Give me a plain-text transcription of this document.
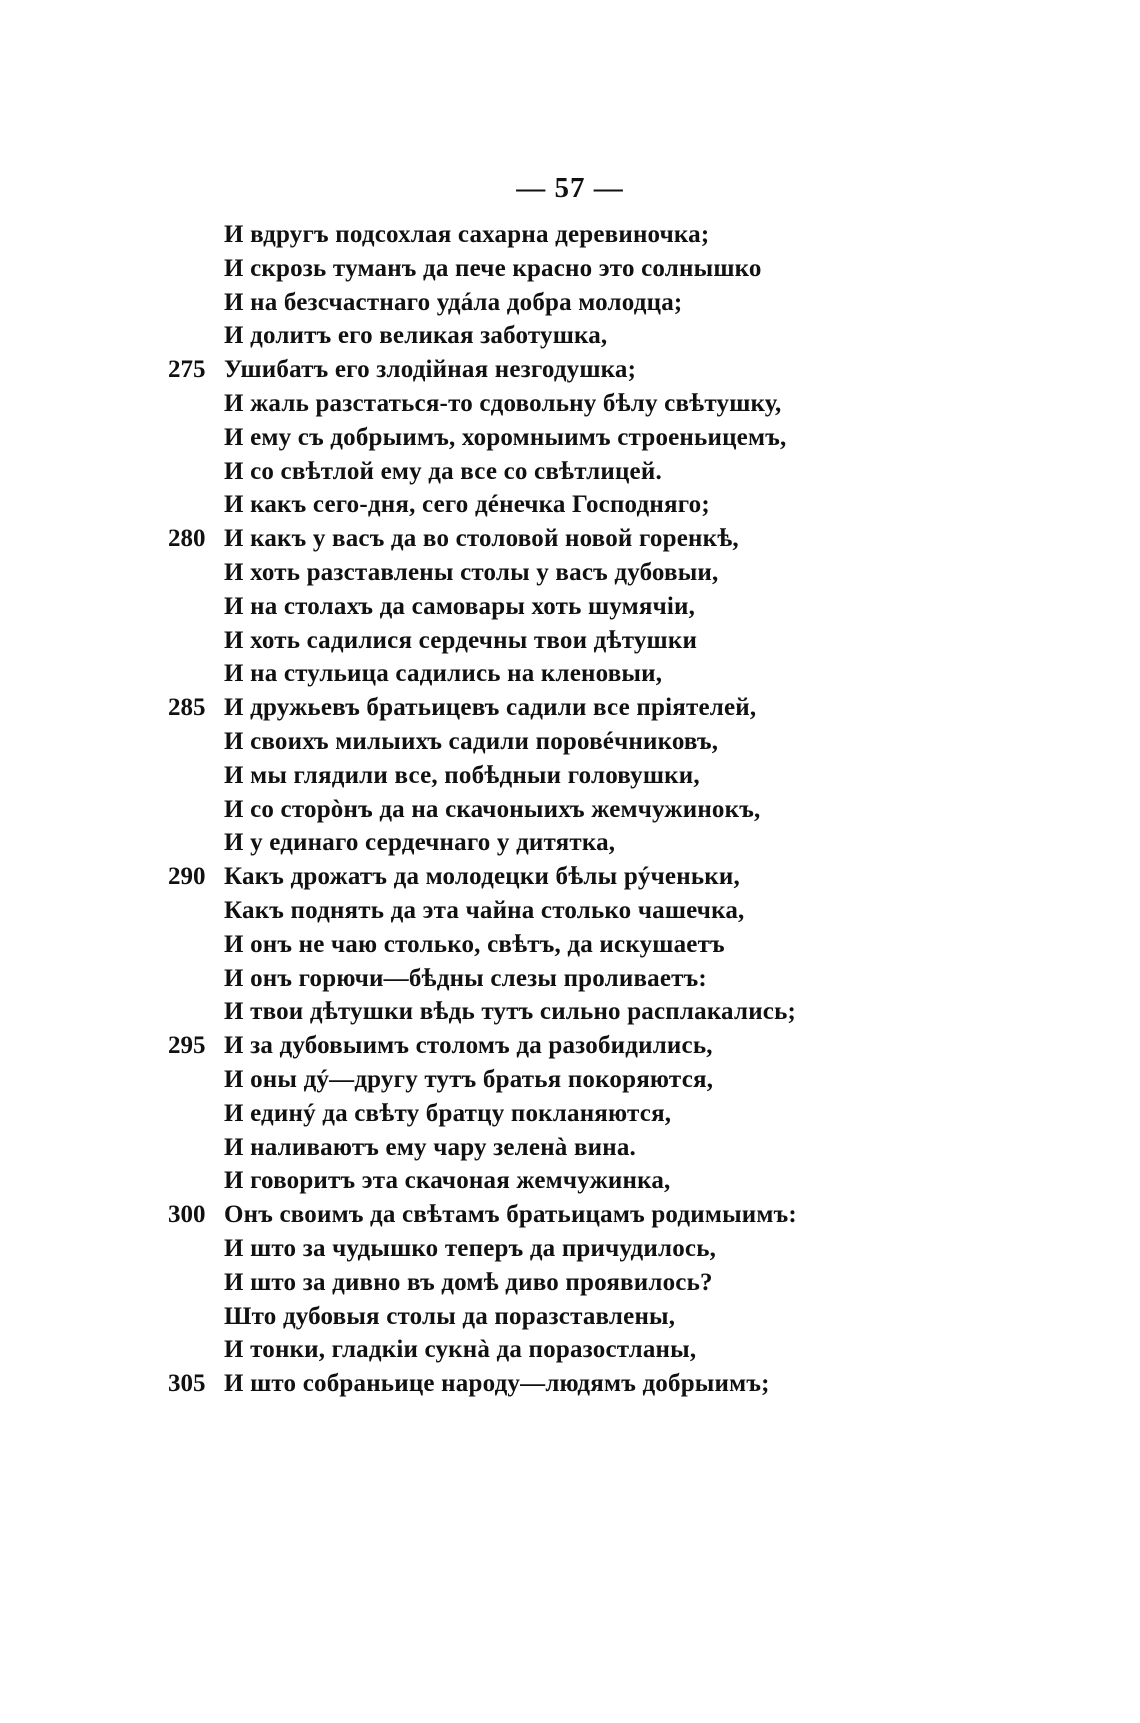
— 57 —
И вдругъ подсохлая сахарна деревиночка;
И скрозь туманъ да пече красно это солнышко
И на безсчастнаго удáла добра молодца;
И долитъ его великая заботушка,
275 Ушибатъ его злодiйная незгодушка;
И жаль разстаться-то сдовольну бѣлу свѣтушку,
И ему съ добрыимъ, хоромныимъ строеньицемъ,
И со свѣтлой ему да все со свѣтлицей.
И какъ сего-дня, сего дéнечка Господняго;
280 И какъ у васъ да во столовой новой горенкѣ,
И хоть разставлены столы у васъ дубовыи,
И на столахъ да самовары хоть шумячiи,
И хоть садилися сердечны твои дѣтушки
И на стульица садились на кленовыи,
285 И дружьевъ братьицевъ садили все прiятелей,
И своихъ милыихъ садили поровéчниковъ,
И мы глядили все, побѣдныи головушки,
И со сторòнъ да на скачоныихъ жемчужинокъ,
И у единаго сердечнаго у дитятка,
290 Какъ дрожатъ да молодецки бѣлы рýченьки,
Какъ поднять да эта чайна столько чашечка,
И онъ не чаю столько, свѣтъ, да искушаетъ
И онъ горючи—бѣдны слезы проливаетъ:
И твои дѣтушки вѣдь тутъ сильно расплакались;
295 И за дубовыимъ столомъ да разобидились,
И оны дý—другу тутъ братья покоряются,
И единý да свѣту братцу покланяются,
И наливаютъ ему чару зеленà вина.
И говоритъ эта скачоная жемчужинка,
300 Онъ своимъ да свѣтамъ братьицамъ родимыимъ:
И што за чудышко теперъ да причудилось,
И што за дивно въ домѣ диво проявилось?
Што дубовыя столы да поразставлены,
И тонки, гладкiи сукнà да поразостланы,
305 И што собраньице народу—людямъ добрыимъ;
